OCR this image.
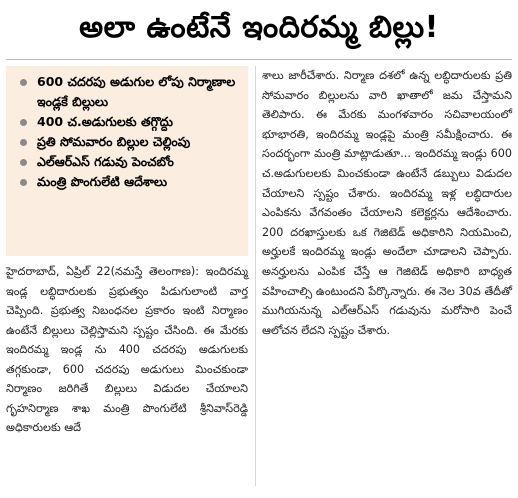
అలా ఉంటేనే ఇందిరమ్మ బిల్లు!
600 చదరపు అడుగుల లోపు నిర్మాణాల ఇండ్లకే బిల్లులు
400 చ.అడుగులకు తగ్గొద్దు
ప్రతి సోమవారం బిల్లుల చెల్లింపు
ఎల్ఆర్ఎస్ గడువు పెంచబోం
మంత్రి పొంగులేటి ఆదేశాలు

హైదరాబాద్, ఏప్రిల్ 22(నమస్తే తెలంగాణ): ఇందిరమ్మ ఇండ్ల లబ్ధిదారులకు ప్రభుత్వం పిడుగులాంటి వార్త చెప్పింది. ప్రభుత్వ నిబంధనల ప్రకారం ఇంటి నిర్మాణం ఉంటేనే బిల్లులు చెల్లిస్తామని స్పష్టం చేసింది. ఈ మేరకు ఇందిరమ్మ ఇండ్ల ను 400 చదరపు అడుగులకు తగ్గకుండా, 600 చదరపు అడుగులు మించకుండా నిర్మాణం జరిగితే బిల్లులు విడుదల చేయాలని గృహనిర్మాణ శాఖ మంత్రి పొంగులేటి శ్రీనివాస్‌రెడ్డి అధికారులకు ఆదే

శాలు జారీచేశారు. నిర్మాణ దశలో ఉన్న లబ్ధిదారులకు ప్రతి సోమవారం బిల్లులను వారి ఖాతాలో జమ చేస్తామని తెలిపారు. ఈ మేరకు మంగళవారం సచివాలయంలో భూభారతి, ఇందిరమ్మ ఇండ్లపై మంత్రి సమీక్షించారు. ఈ సందర్భంగా మంత్రి మాట్లాడుతూ... ఇందిరమ్మ ఇండ్లు 600 చ.అడుగులలకు మించకుండా ఉంటేనే డబ్బులు విడుదల చేయాలని స్పష్టం చేశారు. ఇందిరమ్మ ఇళ్ల లబ్ధిదారుల ఎంపికను వేగవంతం చేయాలని కలెక్టర్లను ఆదేశించారు. 200 దరఖాస్తులకు ఒక గెజిటెడ్ అధికారిని నియమించి, అర్హులకే ఇందిరమ్మ ఇండ్లు అందేలా చూడాలని చెప్పారు. అనర్హులను ఎంపిక చేస్తే ఆ గెజిటెడ్ అధికారి బాధ్యత వహించాల్సి ఉంటుందని పేర్కొన్నారు. ఈ నెల 30వ తేదీతో ముగియనున్న ఎల్ఆర్ఎస్ గడువును మరోసారి పెంచే ఆలోచన లేదని స్పష్టం చేశారు.
